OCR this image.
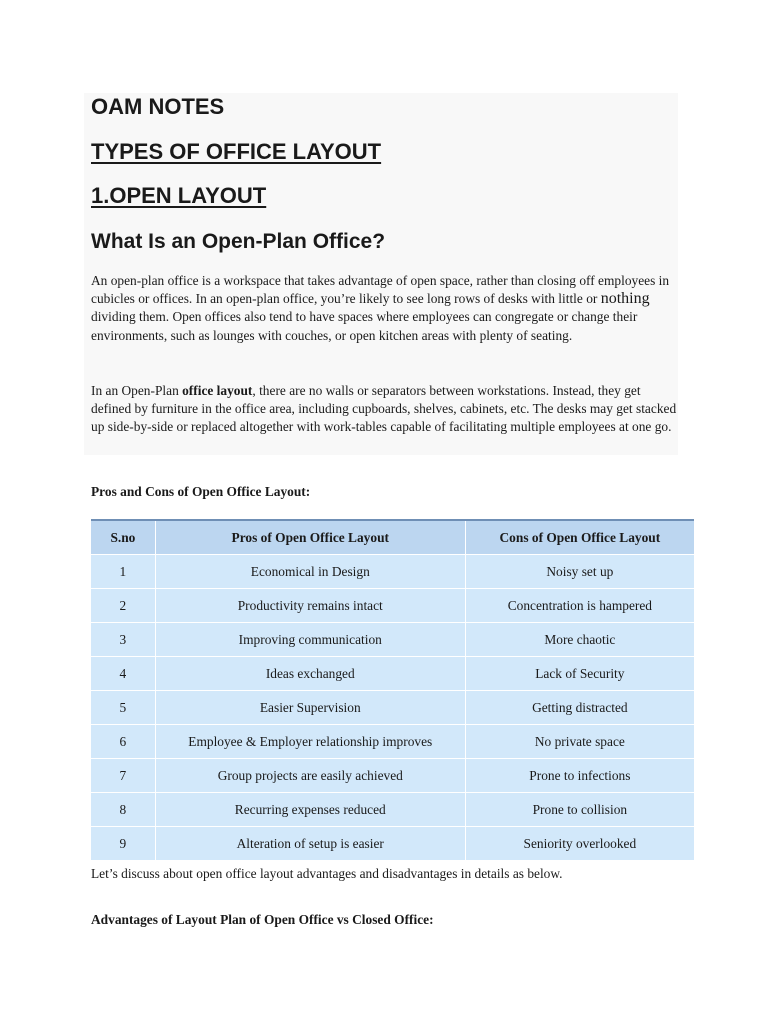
OAM NOTES
TYPES OF OFFICE LAYOUT
1.OPEN LAYOUT
What Is an Open-Plan Office?

An open-plan office is a workspace that takes advantage of open space, rather than closing off employees in cubicles or offices. In an open-plan office, you’re likely to see long rows of desks with little or nothing dividing them. Open offices also tend to have spaces where employees can congregate or change their environments, such as lounges with couches, or open kitchen areas with plenty of seating.

In an Open-Plan office layout, there are no walls or separators between workstations. Instead, they get defined by furniture in the office area, including cupboards, shelves, cabinets, etc. The desks may get stacked up side-by-side or replaced altogether with work-tables capable of facilitating multiple employees at one go.

Pros and Cons of Open Office Layout:

S.no	Pros of Open Office Layout	Cons of Open Office Layout
1	Economical in Design	Noisy set up
2	Productivity remains intact	Concentration is hampered
3	Improving communication	More chaotic
4	Ideas exchanged	Lack of Security
5	Easier Supervision	Getting distracted
6	Employee & Employer relationship improves	No private space
7	Group projects are easily achieved	Prone to infections
8	Recurring expenses reduced	Prone to collision
9	Alteration of setup is easier	Seniority overlooked

Let’s discuss about open office layout advantages and disadvantages in details as below.

Advantages of Layout Plan of Open Office vs Closed Office:
